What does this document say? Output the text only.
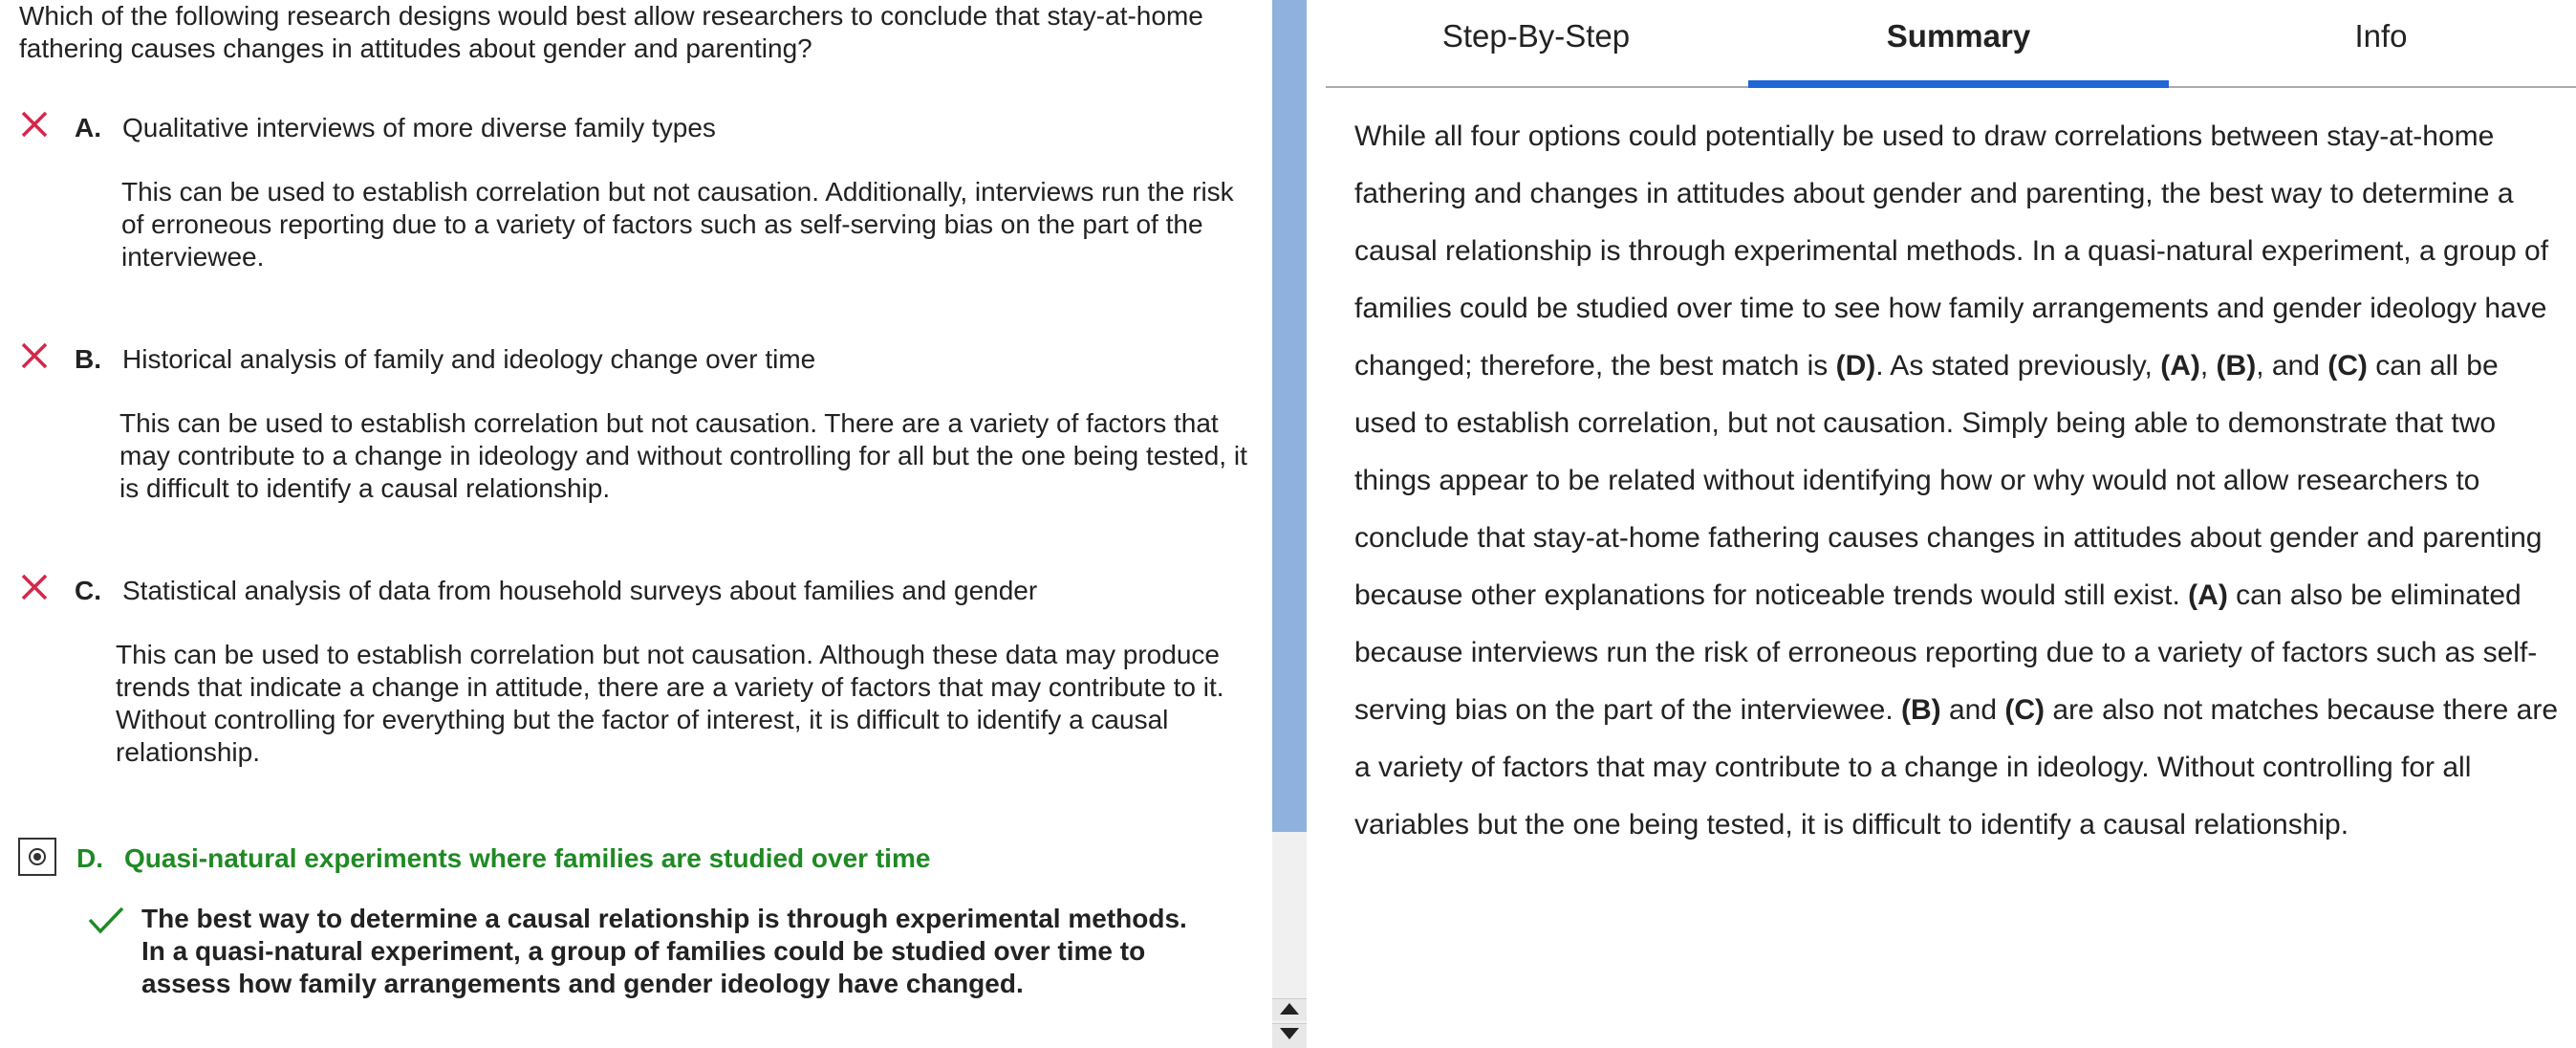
Which of the following research designs would best allow researchers to conclude that stay-at-home fathering causes changes in attitudes about gender and parenting?
A. Qualitative interviews of more diverse family types
This can be used to establish correlation but not causation. Additionally, interviews run the risk of erroneous reporting due to a variety of factors such as self-serving bias on the part of the interviewee.
B. Historical analysis of family and ideology change over time
This can be used to establish correlation but not causation. There are a variety of factors that may contribute to a change in ideology and without controlling for all but the one being tested, it is difficult to identify a causal relationship.
C. Statistical analysis of data from household surveys about families and gender
This can be used to establish correlation but not causation. Although these data may produce trends that indicate a change in attitude, there are a variety of factors that may contribute to it. Without controlling for everything but the factor of interest, it is difficult to identify a causal relationship.
D. Quasi-natural experiments where families are studied over time
The best way to determine a causal relationship is through experimental methods. In a quasi-natural experiment, a group of families could be studied over time to assess how family arrangements and gender ideology have changed.
Step-By-Step	Summary	Info
While all four options could potentially be used to draw correlations between stay-at-home fathering and changes in attitudes about gender and parenting, the best way to determine a causal relationship is through experimental methods. In a quasi-natural experiment, a group of families could be studied over time to see how family arrangements and gender ideology have changed; therefore, the best match is (D). As stated previously, (A), (B), and (C) can all be used to establish correlation, but not causation. Simply being able to demonstrate that two things appear to be related without identifying how or why would not allow researchers to conclude that stay-at-home fathering causes changes in attitudes about gender and parenting because other explanations for noticeable trends would still exist. (A) can also be eliminated because interviews run the risk of erroneous reporting due to a variety of factors such as self-serving bias on the part of the interviewee. (B) and (C) are also not matches because there are a variety of factors that may contribute to a change in ideology. Without controlling for all variables but the one being tested, it is difficult to identify a causal relationship.
